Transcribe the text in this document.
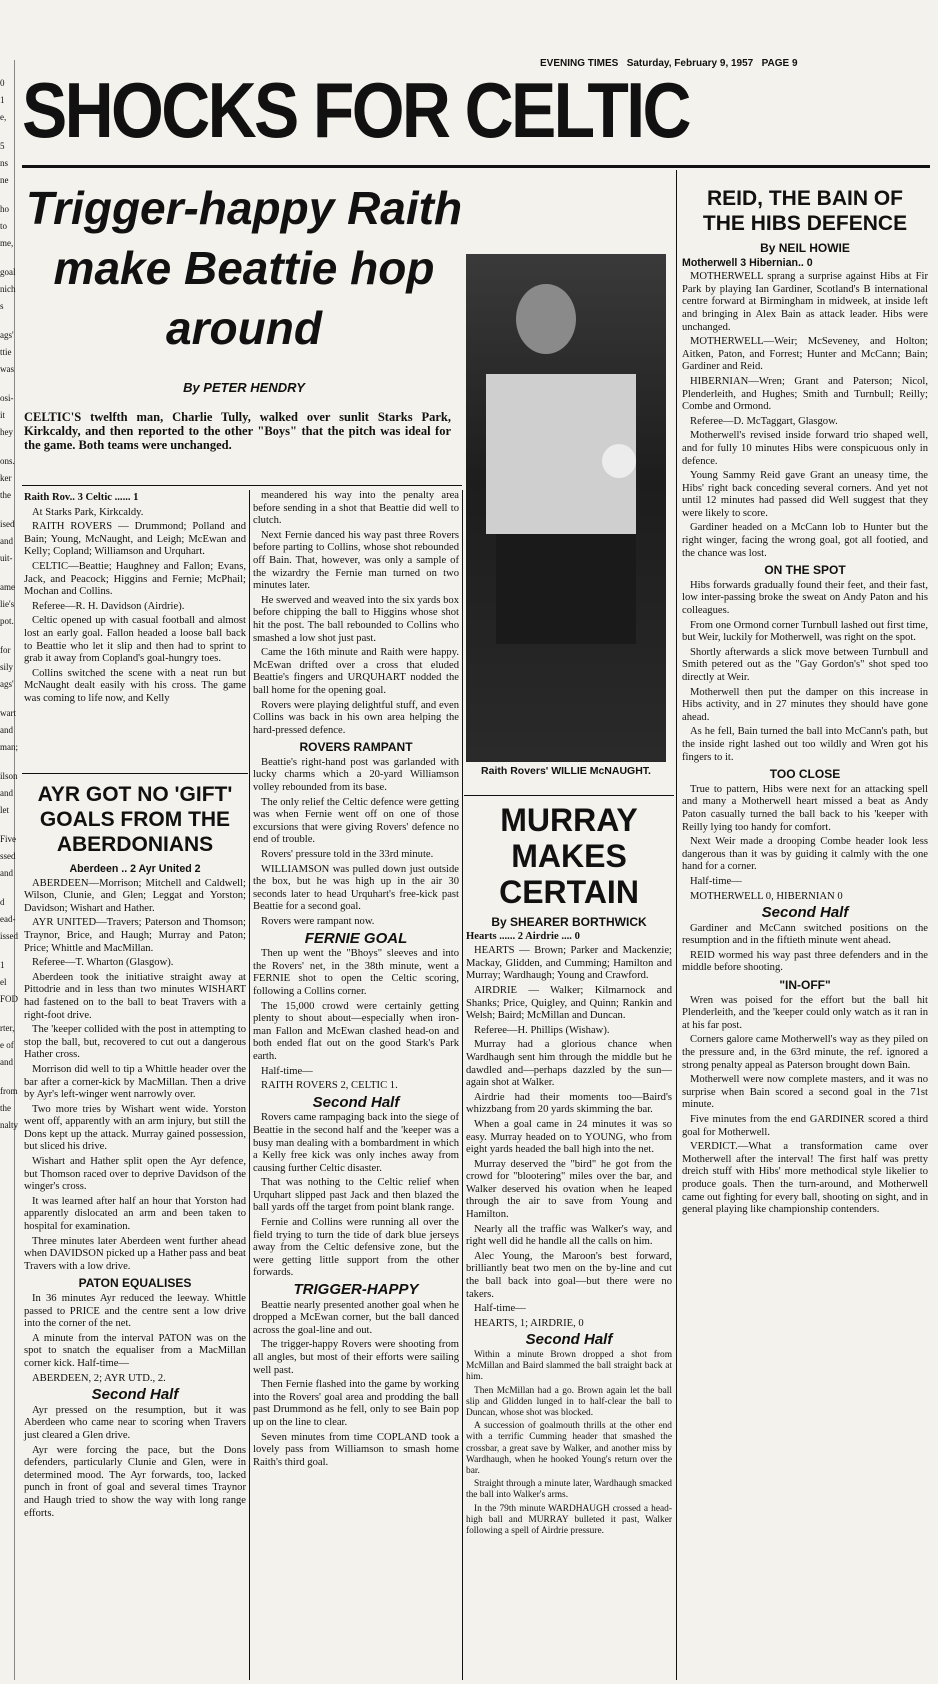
0
1
e,
5
ns
ne
ho
to
me,
goal
nich
s
ags'
ttie
was
osi-
it
hey
ons.
ker
the
ised
and
uit-
ame
lie's
pot.
for
sily
ags'
wart
and
man;
ilson
and
let
Five
ssed
and
d
ead-
issed
1
el
FOD
rter,
e of
and
from
the
nalty
EVENING TIMES Saturday, February 9, 1957 PAGE 9
SHOCKS FOR CELTIC
Trigger-happy Raith make Beattie hop around
By PETER HENDRY
CELTIC'S twelfth man, Charlie Tully, walked over sunlit Starks Park, Kirkcaldy, and then reported to the other "Boys" that the pitch was ideal for the game. Both teams were unchanged.
Raith Rov.. 3 Celtic ...... 1

At Starks Park, Kirkcaldy.

RAITH ROVERS — Drummond; Polland and Bain; Young, McNaught, and Leigh; McEwan and Kelly; Copland; Williamson and Urquhart.

CELTIC—Beattie; Haughney and Fallon; Evans, Jack, and Peacock; Higgins and Fernie; McPhail; Mochan and Collins.

Referee—R. H. Davidson (Airdrie).

Celtic opened up with casual football and almost lost an early goal. Fallon headed a loose ball back to Beattie who let it slip and then had to sprint to grab it away from Copland's goal-hungry toes.

Collins switched the scene with a neat run but McNaught dealt easily with his cross. The game was coming to life now, and Kelly

AYR GOT NO 'GIFT' GOALS FROM THE ABERDONIANS
Aberdeen .. 2 Ayr United 2

ABERDEEN—Morrison; Mitchell and Caldwell; Wilson, Clunie, and Glen; Leggat and Yorston; Davidson; Wishart and Hather.

AYR UNITED—Travers; Paterson and Thomson; Traynor, Brice, and Haugh; Murray and Paton; Price; Whittle and MacMillan.

Referee—T. Wharton (Glasgow).

Aberdeen took the initiative straight away at Pittodrie and in less than two minutes WISHART had fastened on to the ball to beat Travers with a right-foot drive.

The 'keeper collided with the post in attempting to stop the ball, but, recovered to cut out a dangerous Hather cross.

Morrison did well to tip a Whittle header over the bar after a corner-kick by MacMillan. Then a drive by Ayr's left-winger went narrowly over.

Two more tries by Wishart went wide. Yorston went off, apparently with an arm injury, but still the Dons kept up the attack. Murray gained possession, but sliced his drive.

Wishart and Hather split open the Ayr defence, but Thomson raced over to deprive Davidson of the winger's cross.

It was learned after half an hour that Yorston had apparently dislocated an arm and been taken to hospital for examination.

Three minutes later Aberdeen went further ahead when DAVIDSON picked up a Hather pass and beat Travers with a low drive.

PATON EQUALISES

In 36 minutes Ayr reduced the leeway. Whittle passed to PRICE and the centre sent a low drive into the corner of the net.

A minute from the interval PATON was on the spot to snatch the equaliser from a MacMillan corner kick. Half-time—

ABERDEEN, 2; AYR UTD., 2.

Second Half

Ayr pressed on the resumption, but it was Aberdeen who came near to scoring when Travers just cleared a Glen drive.

Ayr were forcing the pace, but the Dons defenders, particularly Clunie and Glen, were in determined mood. The Ayr forwards, too, lacked punch in front of goal and several times Traynor and Haugh tried to show the way with long range efforts.

meandered his way into the penalty area before sending in a shot that Beattie did well to clutch.

Next Fernie danced his way past three Rovers before parting to Collins, whose shot rebounded off Bain. That, however, was only a sample of the wizardry the Fernie man turned on two minutes later.

He swerved and weaved into the six yards box before chipping the ball to Higgins whose shot hit the post. The ball rebounded to Collins who smashed a low shot just past.

Came the 16th minute and Raith were happy. McEwan drifted over a cross that eluded Beattie's fingers and URQUHART nodded the ball home for the opening goal.

Rovers were playing delightful stuff, and even Collins was back in his own area helping the hard-pressed defence.

ROVERS RAMPANT

Beattie's right-hand post was garlanded with lucky charms which a 20-yard Williamson volley rebounded from its base.

The only relief the Celtic defence were getting was when Fernie went off on one of those excursions that were giving Rovers' defence no end of trouble.

Rovers' pressure told in the 33rd minute.

WILLIAMSON was pulled down just outside the box, but he was high up in the air 30 seconds later to head Urquhart's free-kick past Beattie for a second goal.

Rovers were rampant now.

FERNIE GOAL

Then up went the "Bhoys" sleeves and into the Rovers' net, in the 38th minute, went a FERNIE shot to open the Celtic scoring, following a Collins corner.

The 15,000 crowd were certainly getting plenty to shout about—especially when iron-man Fallon and McEwan clashed head-on and both ended flat out on the good Stark's Park earth.

Half-time—

RAITH ROVERS 2, CELTIC 1.

Second Half

Rovers came rampaging back into the siege of Beattie in the second half and the 'keeper was a busy man dealing with a bombardment in which a Kelly free kick was only inches away from causing further Celtic disaster.

That was nothing to the Celtic relief when Urquhart slipped past Jack and then blazed the ball yards off the target from point blank range.

Fernie and Collins were running all over the field trying to turn the tide of dark blue jerseys away from the Celtic defensive zone, but the were getting little support from the other forwards.

TRIGGER-HAPPY

Beattie nearly presented another goal when he dropped a McEwan corner, but the ball danced across the goal-line and out.

The trigger-happy Rovers were shooting from all angles, but most of their efforts were sailing well past.

Then Fernie flashed into the game by working into the Rovers' goal area and prodding the ball past Drummond as he fell, only to see Bain pop up on the line to clear.

Seven minutes from time COPLAND took a lovely pass from Williamson to smash home Raith's third goal.

Raith Rovers' WILLIE McNAUGHT.
MURRAY MAKES CERTAIN
By SHEARER BORTHWICK
Hearts ...... 2 Airdrie .... 0

HEARTS — Brown; Parker and Mackenzie; Mackay, Glidden, and Cumming; Hamilton and Murray; Wardhaugh; Young and Crawford.

AIRDRIE — Walker; Kilmarnock and Shanks; Price, Quigley, and Quinn; Rankin and Welsh; Baird; McMillan and Duncan.

Referee—H. Phillips (Wishaw).

Murray had a glorious chance when Wardhaugh sent him through the middle but he dawdled and—perhaps dazzled by the sun—again shot at Walker.

Airdrie had their moments too—Baird's whizzbang from 20 yards skimming the bar.

When a goal came in 24 minutes it was so easy. Murray headed on to YOUNG, who from eight yards headed the ball high into the net.

Murray deserved the "bird" he got from the crowd for "blootering" miles over the bar, and Walker deserved his ovation when he leaped through the air to save from Young and Hamilton.

Nearly all the traffic was Walker's way, and right well did he handle all the calls on him.

Alec Young, the Maroon's best forward, brilliantly beat two men on the by-line and cut the ball back into goal—but there were no takers.

Half-time—

HEARTS, 1; AIRDRIE, 0

Second Half

Within a minute Brown dropped a shot from McMillan and Baird slammed the ball straight back at him.

Then McMillan had a go. Brown again let the ball slip and Glidden lunged in to half-clear the ball to Duncan, whose shot was blocked.

A succession of goalmouth thrills at the other end with a terrific Cumming header that smashed the crossbar, a great save by Walker, and another miss by Wardhaugh, when he hooked Young's return over the bar.

Straight through a minute later, Wardhaugh smacked the ball into Walker's arms.

In the 79th minute WARDHAUGH crossed a head-high ball and MURRAY bulleted it past, Walker following a spell of Airdrie pressure.

REID, THE BAIN OF THE HIBS DEFENCE
By NEIL HOWIE
Motherwell 3 Hibernian.. 0

MOTHERWELL sprang a surprise against Hibs at Fir Park by playing Ian Gardiner, Scotland's B international centre forward at Birmingham in midweek, at inside left and bringing in Alex Bain as attack leader. Hibs were unchanged.

MOTHERWELL—Weir; McSeveney, and Holton; Aitken, Paton, and Forrest; Hunter and McCann; Bain; Gardiner and Reid.

HIBERNIAN—Wren; Grant and Paterson; Nicol, Plenderleith, and Hughes; Smith and Turnbull; Reilly; Combe and Ormond.

Referee—D. McTaggart, Glasgow.

Motherwell's revised inside forward trio shaped well, and for fully 10 minutes Hibs were conspicuous only in defence.

Young Sammy Reid gave Grant an uneasy time, the Hibs' right back conceding several corners. And yet not until 12 minutes had passed did Well suggest that they were likely to score.

Gardiner headed on a McCann lob to Hunter but the right winger, facing the wrong goal, got all footied, and the chance was lost.

ON THE SPOT

Hibs forwards gradually found their feet, and their fast, low inter-passing broke the sweat on Andy Paton and his colleagues.

From one Ormond corner Turnbull lashed out first time, but Weir, luckily for Motherwell, was right on the spot.

Shortly afterwards a slick move between Turnbull and Smith petered out as the "Gay Gordon's" shot sped too directly at Weir.

Motherwell then put the damper on this increase in Hibs activity, and in 27 minutes they should have gone ahead.

As he fell, Bain turned the ball into McCann's path, but the inside right lashed out too wildly and Wren got his fingers to it.

TOO CLOSE

True to pattern, Hibs were next for an attacking spell and many a Motherwell heart missed a beat as Andy Paton casually turned the ball back to his 'keeper with Reilly lying too handy for comfort.

Next Weir made a drooping Combe header look less dangerous than it was by guiding it calmly with the one hand for a corner.

Half-time—

MOTHERWELL 0, HIBERNIAN 0

Second Half

Gardiner and McCann switched positions on the resumption and in the fiftieth minute went ahead.

REID wormed his way past three defenders and in the middle before shooting.

"IN-OFF"

Wren was poised for the effort but the ball hit Plenderleith, and the 'keeper could only watch as it ran in at his far post.

Corners galore came Motherwell's way as they piled on the pressure and, in the 63rd minute, the ref. ignored a strong penalty appeal as Paterson brought down Bain.

Motherwell were now complete masters, and it was no surprise when Bain scored a second goal in the 71st minute.

Five minutes from the end GARDINER scored a third goal for Motherwell.

VERDICT.—What a transformation came over Motherwell after the interval! The first half was pretty dreich stuff with Hibs' more methodical style likelier to produce goals. Then the turn-around, and Motherwell came out fighting for every ball, shooting on sight, and in general playing like championship contenders.
